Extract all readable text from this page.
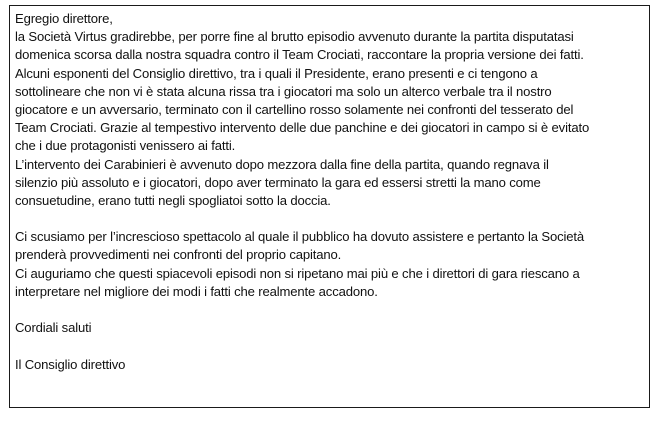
Egregio direttore,
la Società Virtus gradirebbe, per porre fine al brutto episodio avvenuto durante la partita disputatasi
domenica scorsa dalla nostra squadra contro il Team Crociati, raccontare la propria versione dei fatti.
Alcuni esponenti del Consiglio direttivo, tra i quali il Presidente, erano presenti e ci tengono a
sottolineare che non vi è stata alcuna rissa tra i giocatori ma solo un alterco verbale tra il nostro
giocatore e un avversario, terminato con il cartellino rosso solamente nei confronti del tesserato del
Team Crociati. Grazie al tempestivo intervento delle due panchine e dei giocatori in campo si è evitato
che i due protagonisti venissero ai fatti.
L’intervento dei Carabinieri è avvenuto dopo mezzora dalla fine della partita, quando regnava il
silenzio più assoluto e i giocatori, dopo aver terminato la gara ed essersi stretti la mano come
consuetudine, erano tutti negli spogliatoi sotto la doccia.
Ci scusiamo per l’increscioso spettacolo al quale il pubblico ha dovuto assistere e pertanto la Società
prenderà provvedimenti nei confronti del proprio capitano.
Ci auguriamo che questi spiacevoli episodi non si ripetano mai più e che i direttori di gara riescano a
interpretare nel migliore dei modi i fatti che realmente accadono.
Cordiali saluti
Il Consiglio direttivo
